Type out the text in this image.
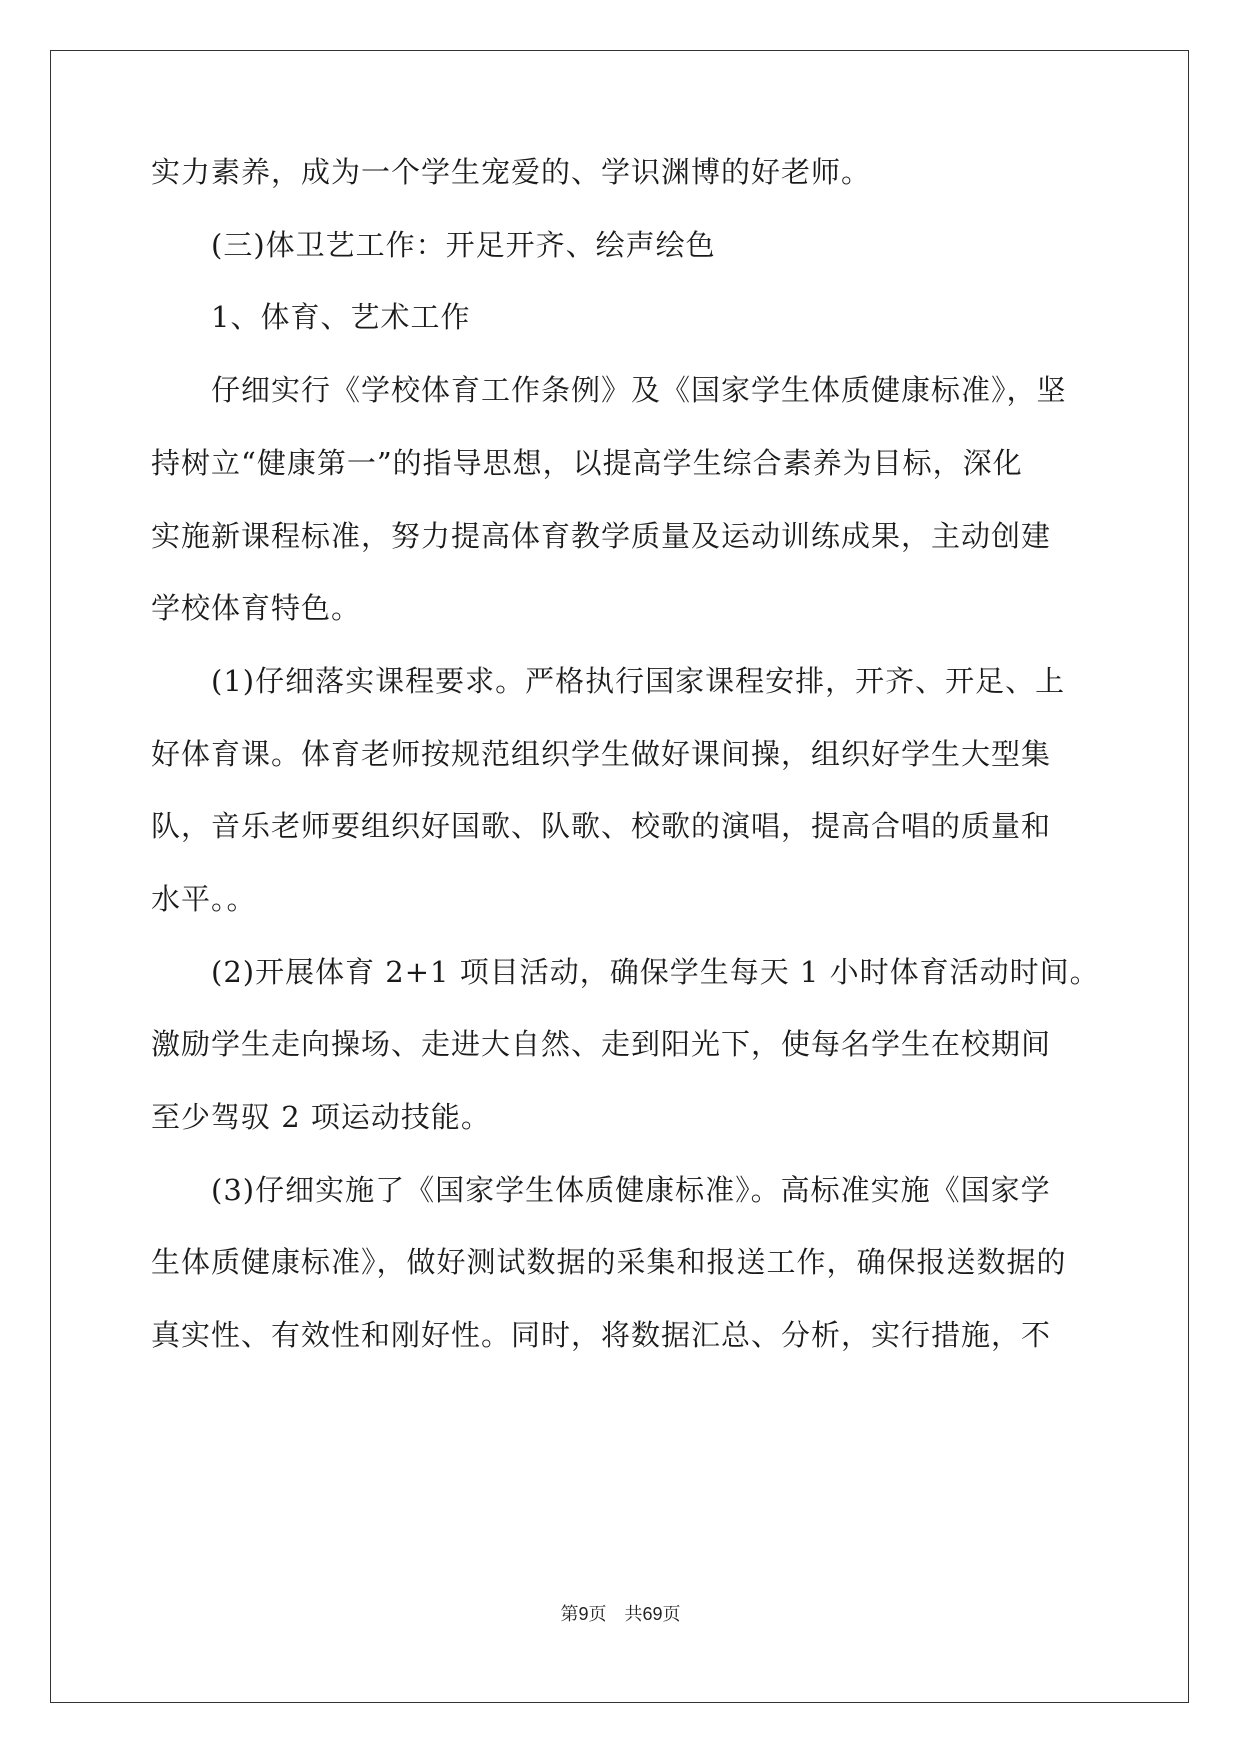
实力素养，成为一个学生宠爱的、学识渊博的好老师。
(三)体卫艺工作：开足开齐、绘声绘色
1、体育、艺术工作
仔细实行《学校体育工作条例》及《国家学生体质健康标准》，坚
持树立“健康第一”的指导思想，以提高学生综合素养为目标，深化
实施新课程标准，努力提高体育教学质量及运动训练成果，主动创建
学校体育特色。
(1)仔细落实课程要求。严格执行国家课程安排，开齐、开足、上
好体育课。体育老师按规范组织学生做好课间操，组织好学生大型集
队，音乐老师要组织好国歌、队歌、校歌的演唱，提高合唱的质量和
水平。。
(2)开展体育 2+1 项目活动，确保学生每天 1 小时体育活动时间。
激励学生走向操场、走进大自然、走到阳光下，使每名学生在校期间
至少驾驭 2 项运动技能。
(3)仔细实施了《国家学生体质健康标准》。高标准实施《国家学
生体质健康标准》，做好测试数据的采集和报送工作，确保报送数据的
真实性、有效性和刚好性。同时，将数据汇总、分析，实行措施，不
第9页　共69页
